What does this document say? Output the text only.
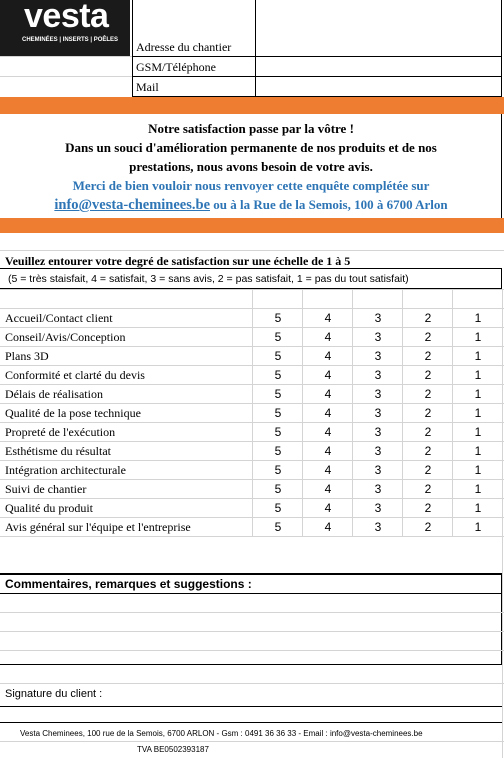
vesta
CHEMINÉES | INSERTS | POÊLES Adresse du chantier
GSM/Téléphone
Mail
Notre satisfaction passe par la vôtre !
Dans un souci d'amélioration permanente de nos produits et de nos
prestations, nous avons besoin de votre avis.
Merci de bien vouloir nous renvoyer cette enquête complétée sur
info@vesta-cheminees.be ou à la Rue de la Semois, 100 à 6700 Arlon
Veuillez entourer votre degré de satisfaction sur une échelle de 1 à 5
(5 = très staisfait, 4 = satisfait, 3 = sans avis, 2 = pas satisfait, 1 = pas du tout satisfait)
Accueil/Contact client	5	4	3	2	1
Conseil/Avis/Conception	5	4	3	2	1
Plans 3D	5	4	3	2	1
Conformité et clarté du devis	5	4	3	2	1
Délais de réalisation	5	4	3	2	1
Qualité de la pose technique	5	4	3	2	1
Propreté de l'exécution	5	4	3	2	1
Esthétisme du résultat	5	4	3	2	1
Intégration architecturale	5	4	3	2	1
Suivi de chantier	5	4	3	2	1
Qualité du produit	5	4	3	2	1
Avis général sur l'équipe et l'entreprise	5	4	3	2	1
Commentaires, remarques et suggestions :
Signature du client :
Vesta Cheminees, 100 rue de la Semois, 6700 ARLON - Gsm : 0491 36 36 33 - Email : info@vesta-cheminees.be
TVA BE0502393187
